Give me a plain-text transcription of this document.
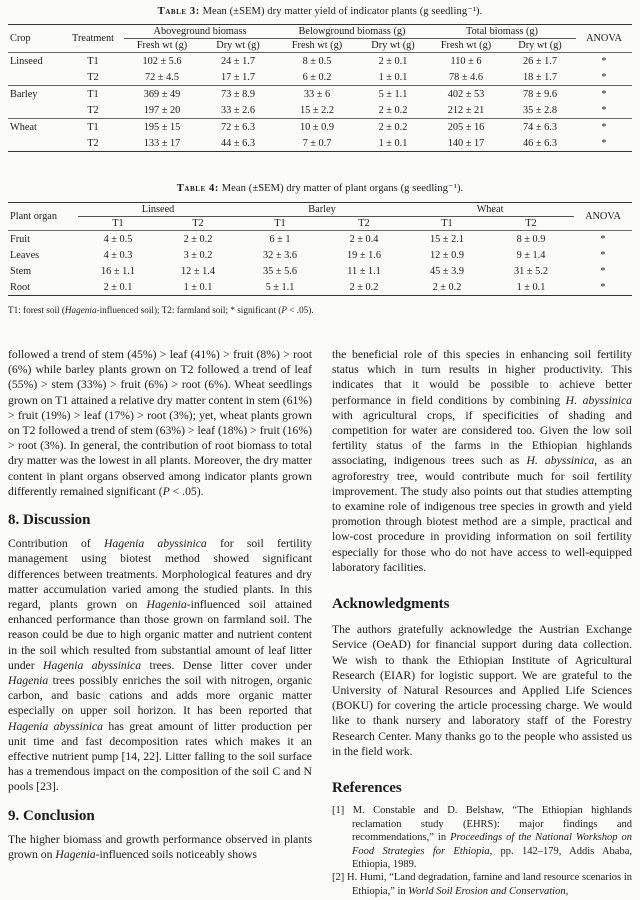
Table 3: Mean (±SEM) dry matter yield of indicator plants (g seedling⁻¹).
Crop	Treatment	Aboveground biomass		Belowground biomass (g)		Total biomass (g)		ANOVA
		Fresh wt (g)	Dry wt (g)	Fresh wt (g)	Dry wt (g)	Fresh wt (g)	Dry wt (g)	
Linseed	T1	102 ± 5.6	24 ± 1.7	8 ± 0.5	2 ± 0.1	110 ± 6	26 ± 1.7	*
	T2	72 ± 4.5	17 ± 1.7	6 ± 0.2	1 ± 0.1	78 ± 4.6	18 ± 1.7	*
Barley	T1	369 ± 49	73 ± 8.9	33 ± 6	5 ± 1.1	402 ± 53	78 ± 9.6	*
	T2	197 ± 20	33 ± 2.6	15 ± 2.2	2 ± 0.2	212 ± 21	35 ± 2.8	*
Wheat	T1	195 ± 15	72 ± 6.3	10 ± 0.9	2 ± 0.2	205 ± 16	74 ± 6.3	*
	T2	133 ± 17	44 ± 6.3	7 ± 0.7	1 ± 0.1	140 ± 17	46 ± 6.3	*
Table 4: Mean (±SEM) dry matter of plant organs (g seedling⁻¹).
Plant organ	Linseed		Barley		Wheat		ANOVA
	T1	T2	T1	T2	T1	T2	
Fruit	4 ± 0.5	2 ± 0.2	6 ± 1	2 ± 0.4	15 ± 2.1	8 ± 0.9	*
Leaves	4 ± 0.3	3 ± 0.2	32 ± 3.6	19 ± 1.6	12 ± 0.9	9 ± 1.4	*
Stem	16 ± 1.1	12 ± 1.4	35 ± 5.6	11 ± 1.1	45 ± 3.9	31 ± 5.2	*
Root	2 ± 0.1	1 ± 0.1	5 ± 1.1	2 ± 0.2	2 ± 0.2	1 ± 0.1	*
T1: forest soil (Hagenia-influenced soil); T2: farmland soil; * significant (P < .05).

followed a trend of stem (45%) > leaf (41%) > fruit (8%) > root (6%) while barley plants grown on T2 followed a trend of leaf (55%) > stem (33%) > fruit (6%) > root (6%). Wheat seedlings grown on T1 attained a relative dry matter content in stem (61%) > fruit (19%) > leaf (17%) > root (3%); yet, wheat plants grown on T2 followed a trend of stem (63%) > leaf (18%) > fruit (16%) > root (3%). In general, the contribution of root biomass to total dry matter was the lowest in all plants. Moreover, the dry matter content in plant organs observed among indicator plants grown differently remained significant (P < .05).

8. Discussion

Contribution of Hagenia abyssinica for soil fertility management using biotest method showed significant differences between treatments. Morphological features and dry matter accumulation varied among the studied plants. In this regard, plants grown on Hagenia-influenced soil attained enhanced performance than those grown on farmland soil. The reason could be due to high organic matter and nutrient content in the soil which resulted from substantial amount of leaf litter under Hagenia abyssinica trees. Dense litter cover under Hagenia trees possibly enriches the soil with nitrogen, organic carbon, and basic cations and adds more organic matter especially on upper soil horizon. It has been reported that Hagenia abyssinica has great amount of litter production per unit time and fast decomposition rates which makes it an effective nutrient pump [14, 22]. Litter falling to the soil surface has a tremendous impact on the composition of the soil C and N pools [23].

9. Conclusion

The higher biomass and growth performance observed in plants grown on Hagenia-influenced soils noticeably shows

the beneficial role of this species in enhancing soil fertility status which in turn results in higher productivity. This indicates that it would be possible to achieve better performance in field conditions by combining H. abyssinica with agricultural crops, if specificities of shading and competition for water are considered too. Given the low soil fertility status of the farms in the Ethiopian highlands associating, indigenous trees such as H. abyssinica, as an agroforestry tree, would contribute much for soil fertility improvement. The study also points out that studies attempting to examine role of indigenous tree species in growth and yield promotion through biotest method are a simple, practical and low-cost procedure in providing information on soil fertility especially for those who do not have access to well-equipped laboratory facilities.

Acknowledgments

The authors gratefully acknowledge the Austrian Exchange Service (OeAD) for financial support during data collection. We wish to thank the Ethiopian Institute of Agricultural Research (EIAR) for logistic support. We are grateful to the University of Natural Resources and Applied Life Sciences (BOKU) for covering the article processing charge. We would like to thank nursery and laboratory staff of the Forestry Research Center. Many thanks go to the people who assisted us in the field work.

References

[1] M. Constable and D. Belshaw, “The Ethiopian highlands reclamation study (EHRS): major findings and recommendations,” in Proceedings of the National Workshop on Food Strategies for Ethiopia, pp. 142–179, Addis Ababa, Ethiopia, 1989.

[2] H. Humi, “Land degradation, famine and land resource scenarios in Ethiopia,” in World Soil Erosion and Conservation,
